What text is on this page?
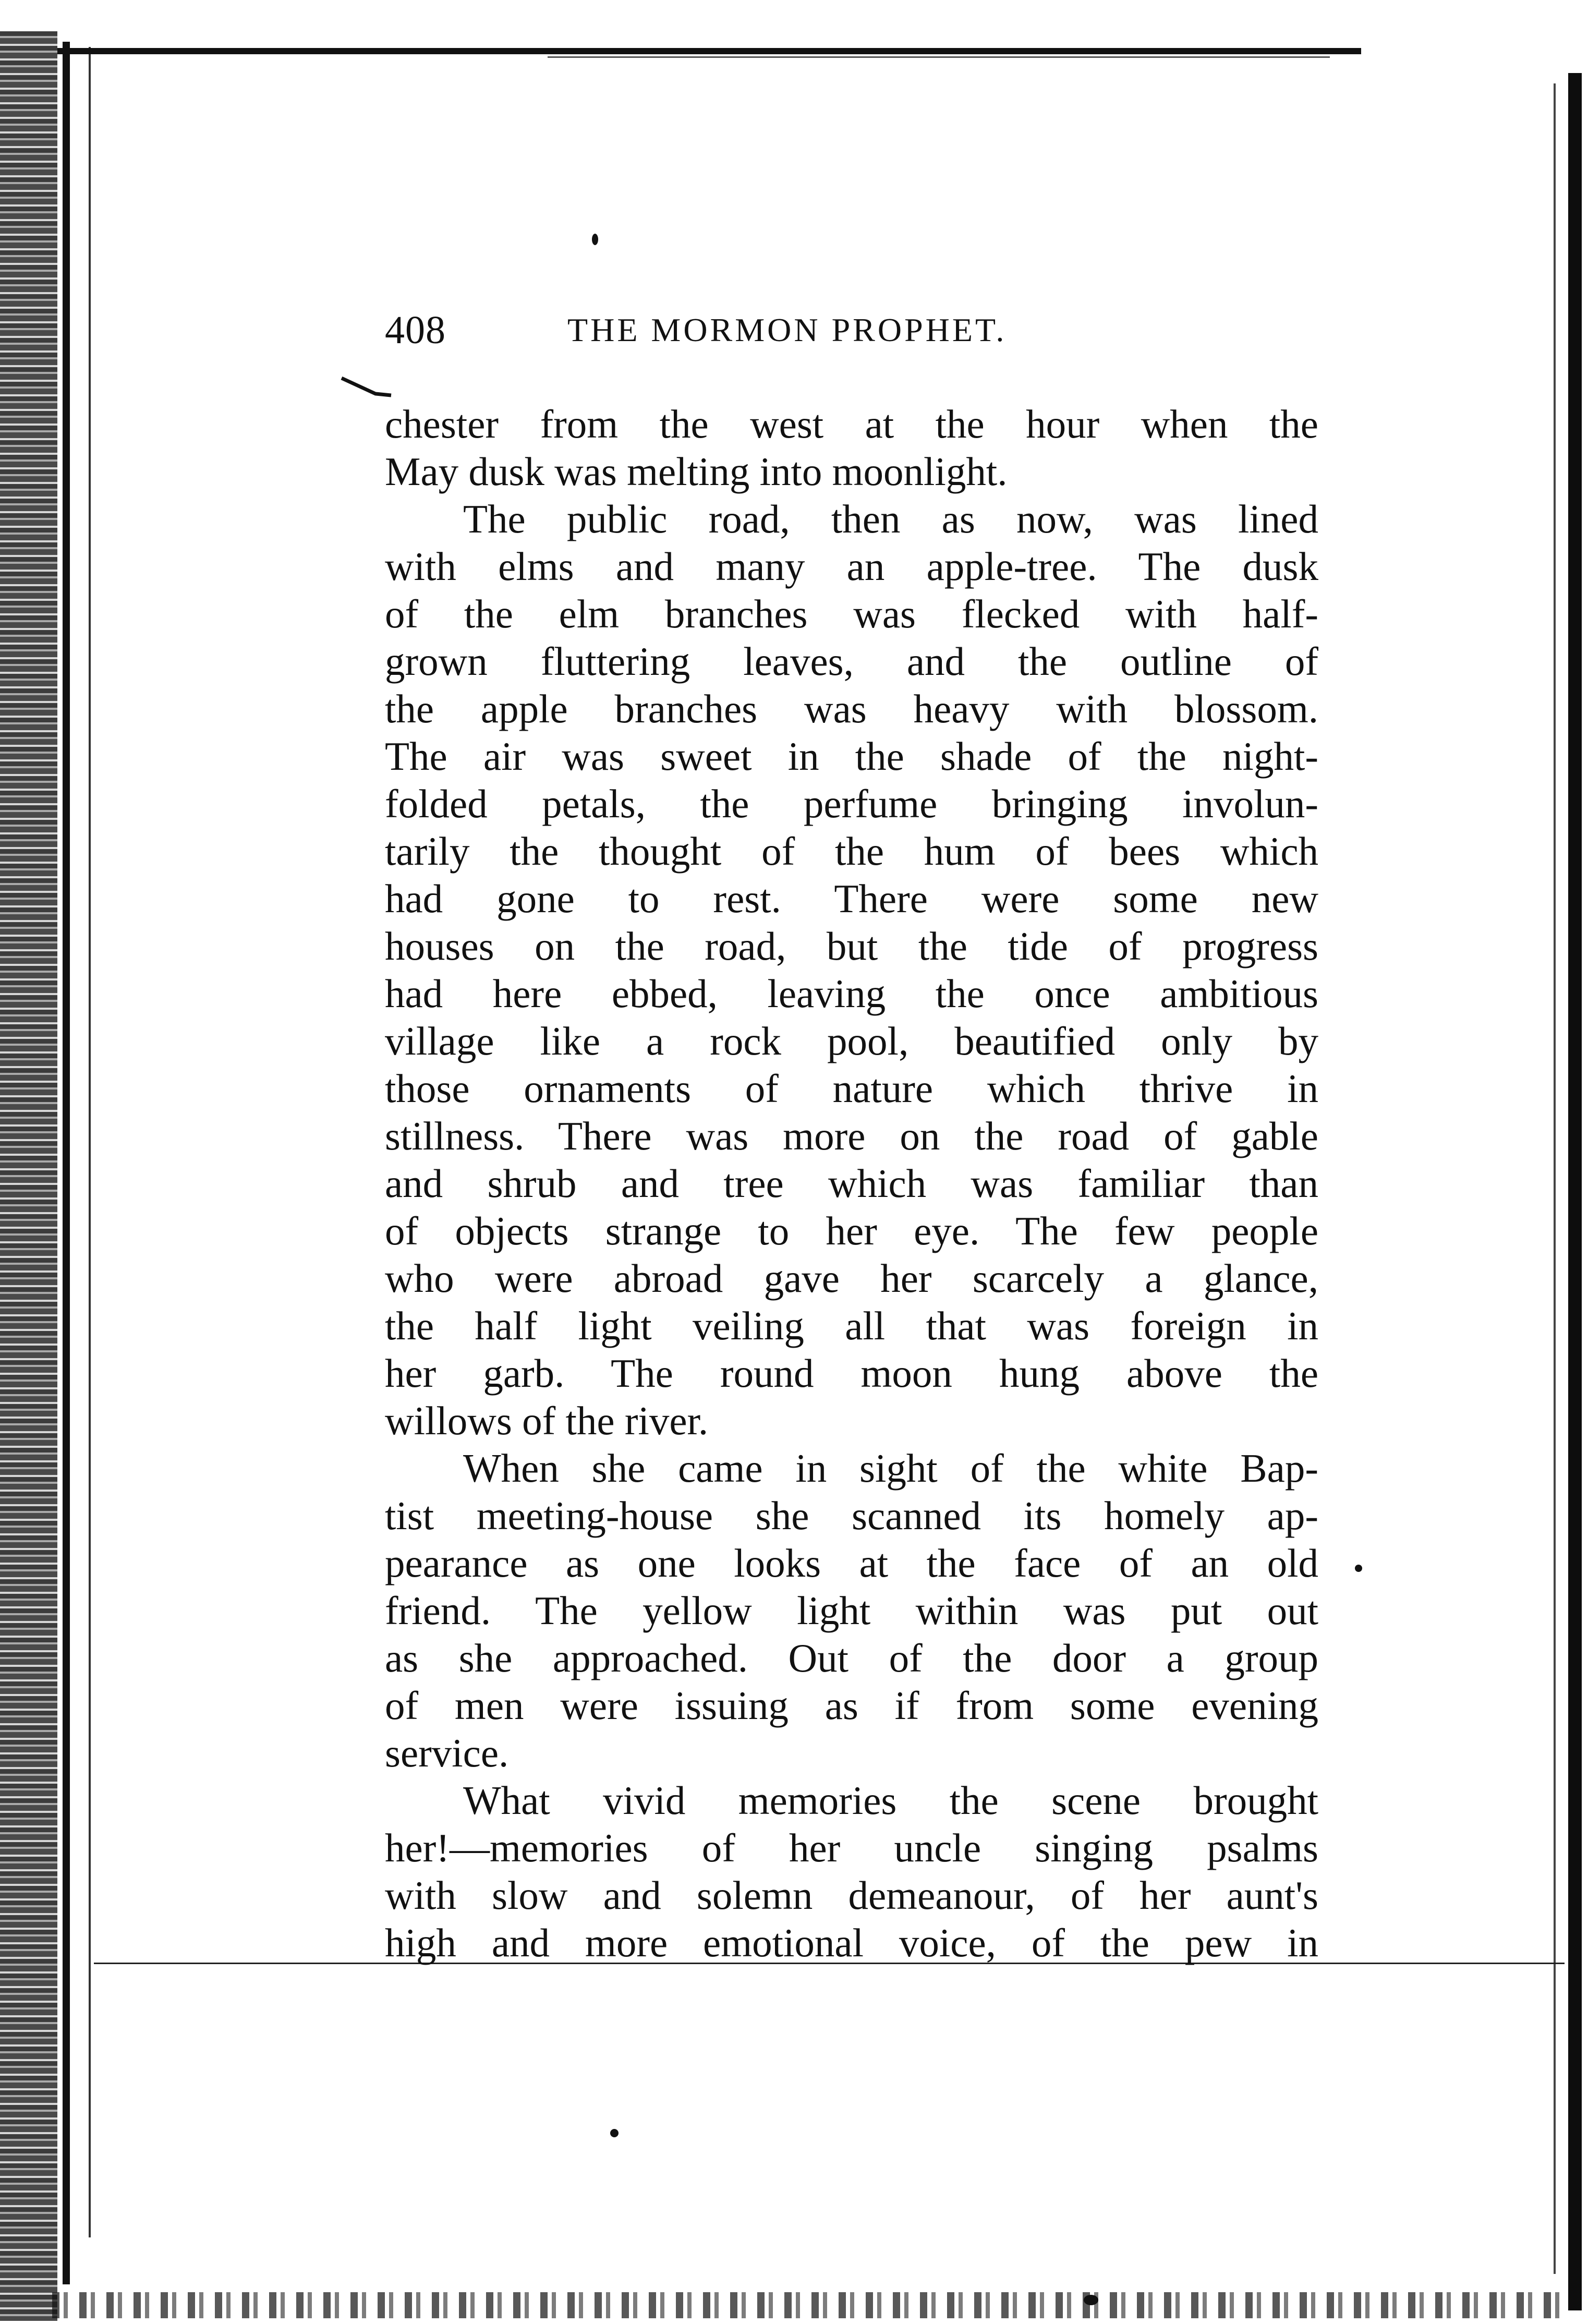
408	THE MORMON PROPHET.
chester from the west at the hour when the
May dusk was melting into moonlight.
The public road, then as now, was lined
with elms and many an apple-tree. The dusk
of the elm branches was flecked with half-
grown fluttering leaves, and the outline of
the apple branches was heavy with blossom.
The air was sweet in the shade of the night-
folded petals, the perfume bringing involun-
tarily the thought of the hum of bees which
had gone to rest. There were some new
houses on the road, but the tide of progress
had here ebbed, leaving the once ambitious
village like a rock pool, beautified only by
those ornaments of nature which thrive in
stillness. There was more on the road of gable
and shrub and tree which was familiar than
of objects strange to her eye. The few people
who were abroad gave her scarcely a glance,
the half light veiling all that was foreign in
her garb. The round moon hung above the
willows of the river.
When she came in sight of the white Bap-
tist meeting-house she scanned its homely ap-
pearance as one looks at the face of an old
friend. The yellow light within was put out
as she approached. Out of the door a group
of men were issuing as if from some evening
service.
What vivid memories the scene brought
her!—memories of her uncle singing psalms
with slow and solemn demeanour, of her aunt's
high and more emotional voice, of the pew in
